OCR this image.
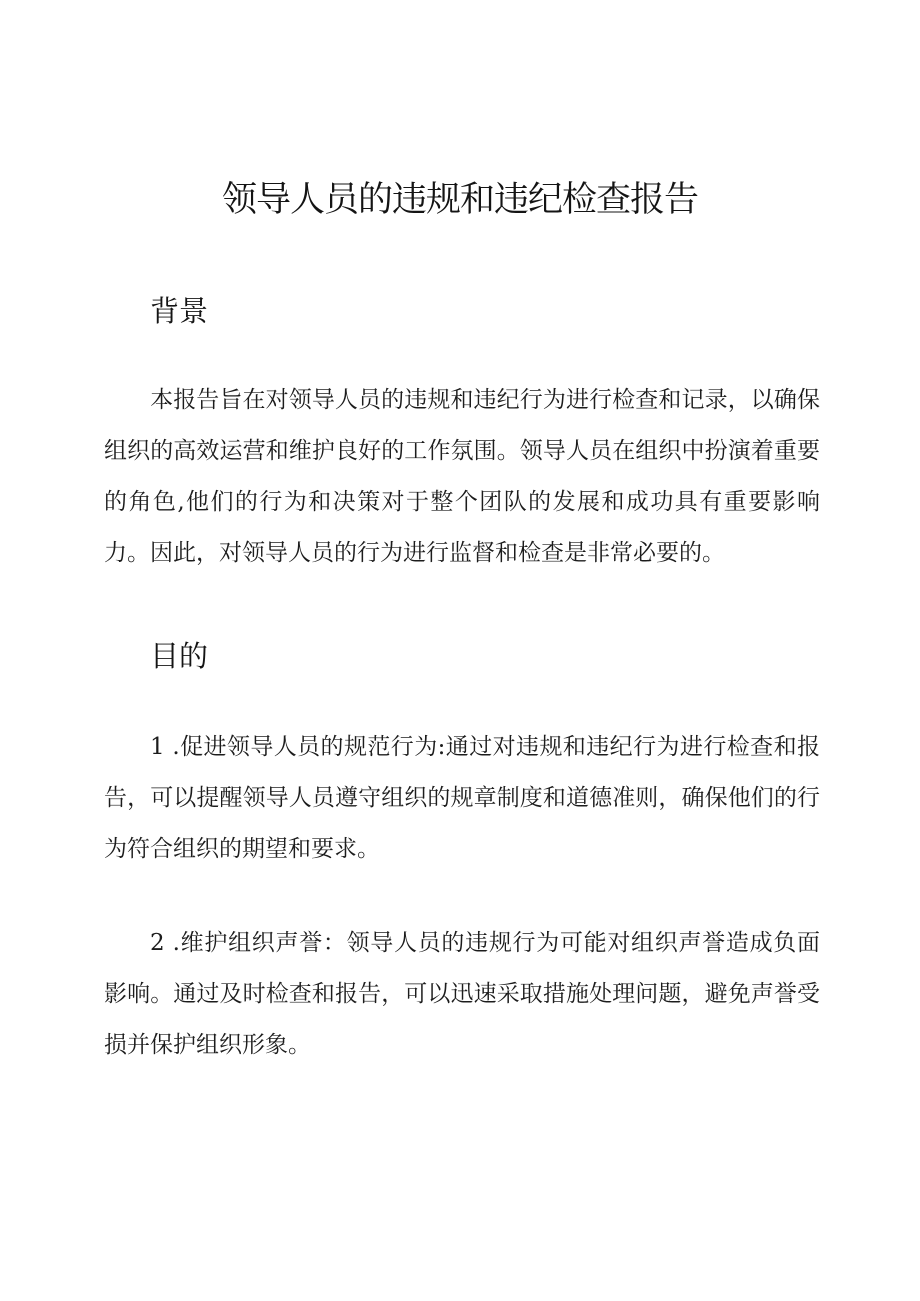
领导人员的违规和违纪检查报告
背景

本报告旨在对领导人员的违规和违纪行为进行检查和记录，以确保组织的高效运营和维护良好的工作氛围。领导人员在组织中扮演着重要的角色,他们的行为和决策对于整个团队的发展和成功具有重要影响力。因此，对领导人员的行为进行监督和检查是非常必要的。

目的

1 .促进领导人员的规范行为:通过对违规和违纪行为进行检查和报告，可以提醒领导人员遵守组织的规章制度和道德准则，确保他们的行为符合组织的期望和要求。

2 .维护组织声誉：领导人员的违规行为可能对组织声誉造成负面影响。通过及时检查和报告，可以迅速采取措施处理问题，避免声誉受损并保护组织形象。
